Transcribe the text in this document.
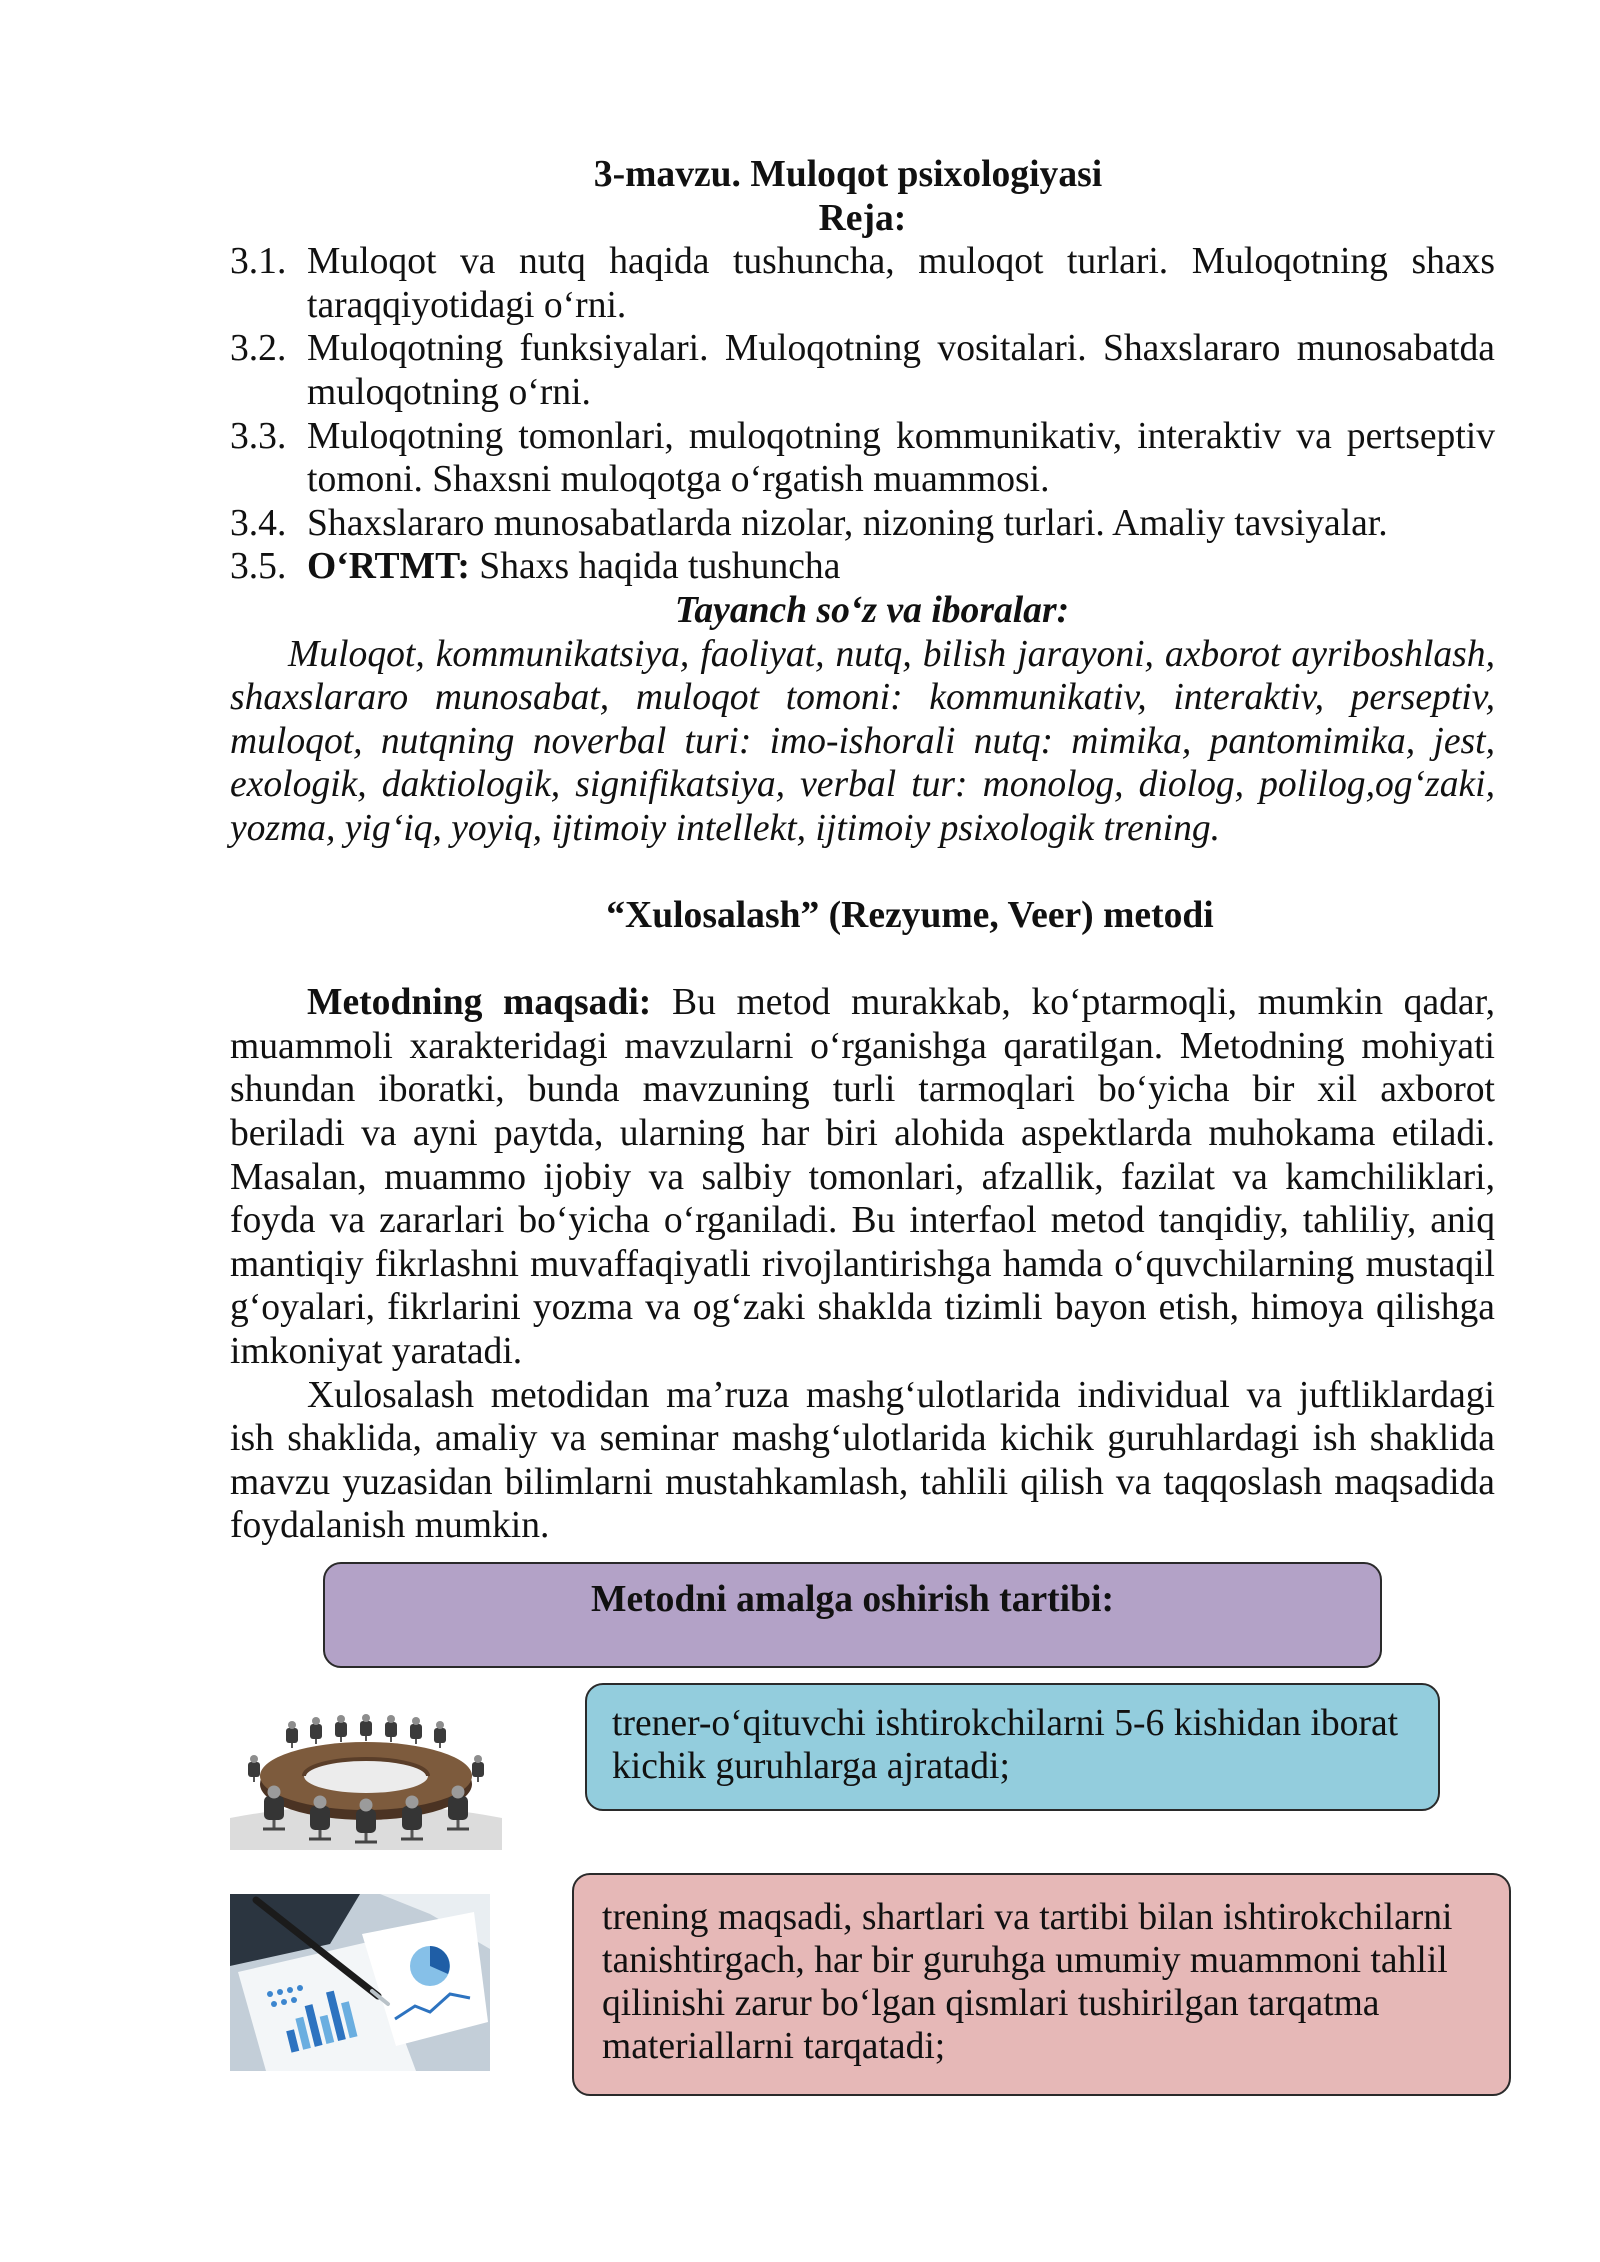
3-mavzu. Muloqot psixologiyasi
Reja:
3.1. Muloqot va nutq haqida tushuncha, muloqot turlari. Muloqotning shaxs
taraqqiyotidagi o‘rni.
3.2. Muloqotning funksiyalari. Muloqotning vositalari. Shaxslararo munosabatda
muloqotning o‘rni.
3.3. Muloqotning tomonlari, muloqotning kommunikativ, interaktiv va pertseptiv
tomoni. Shaxsni muloqotga o‘rgatish muammosi.
3.4. Shaxslararo munosabatlarda nizolar, nizoning turlari. Amaliy tavsiyalar.
3.5. O‘RTMT: Shaxs haqida tushuncha
Tayanch so‘z va iboralar:
Muloqot, kommunikatsiya, faoliyat, nutq, bilish jarayoni, axborot ayriboshlash,
shaxslararo munosabat, muloqot tomoni: kommunikativ, interaktiv, perseptiv,
muloqot, nutqning noverbal turi: imo-ishorali nutq: mimika, pantomimika, jest,
exologik, daktiologik, signifikatsiya, verbal tur: monolog, diolog, polilog,og‘zaki,
yozma, yig‘iq, yoyiq, ijtimoiy intellekt, ijtimoiy psixologik trening.
“Xulosalash” (Rezyume, Veer) metodi
Metodning maqsadi: Bu metod murakkab, ko‘ptarmoqli, mumkin qadar,
muammoli xarakteridagi mavzularni o‘rganishga qaratilgan. Metodning mohiyati
shundan iboratki, bunda mavzuning turli tarmoqlari bo‘yicha bir xil axborot
beriladi va ayni paytda, ularning har biri alohida aspektlarda muhokama etiladi.
Masalan, muammo ijobiy va salbiy tomonlari, afzallik, fazilat va kamchiliklari,
foyda va zararlari bo‘yicha o‘rganiladi. Bu interfaol metod tanqidiy, tahliliy, aniq
mantiqiy fikrlashni muvaffaqiyatli rivojlantirishga hamda o‘quvchilarning mustaqil
g‘oyalari, fikrlarini yozma va og‘zaki shaklda tizimli bayon etish, himoya qilishga
imkoniyat yaratadi.
Xulosalash metodidan ma’ruza mashg‘ulotlarida individual va juftliklardagi
ish shaklida, amaliy va seminar mashg‘ulotlarida kichik guruhlardagi ish shaklida
mavzu yuzasidan bilimlarni mustahkamlash, tahlili qilish va taqqoslash maqsadida
foydalanish mumkin.
Metodni amalga oshirish tartibi:
trener-o‘qituvchi ishtirokchilarni 5-6 kishidan iborat
kichik guruhlarga ajratadi;
trening maqsadi, shartlari va tartibi bilan ishtirokchilarni
tanishtirgach, har bir guruhga umumiy muammoni tahlil
qilinishi zarur bo‘lgan qismlari tushirilgan tarqatma
materiallarni tarqatadi;
